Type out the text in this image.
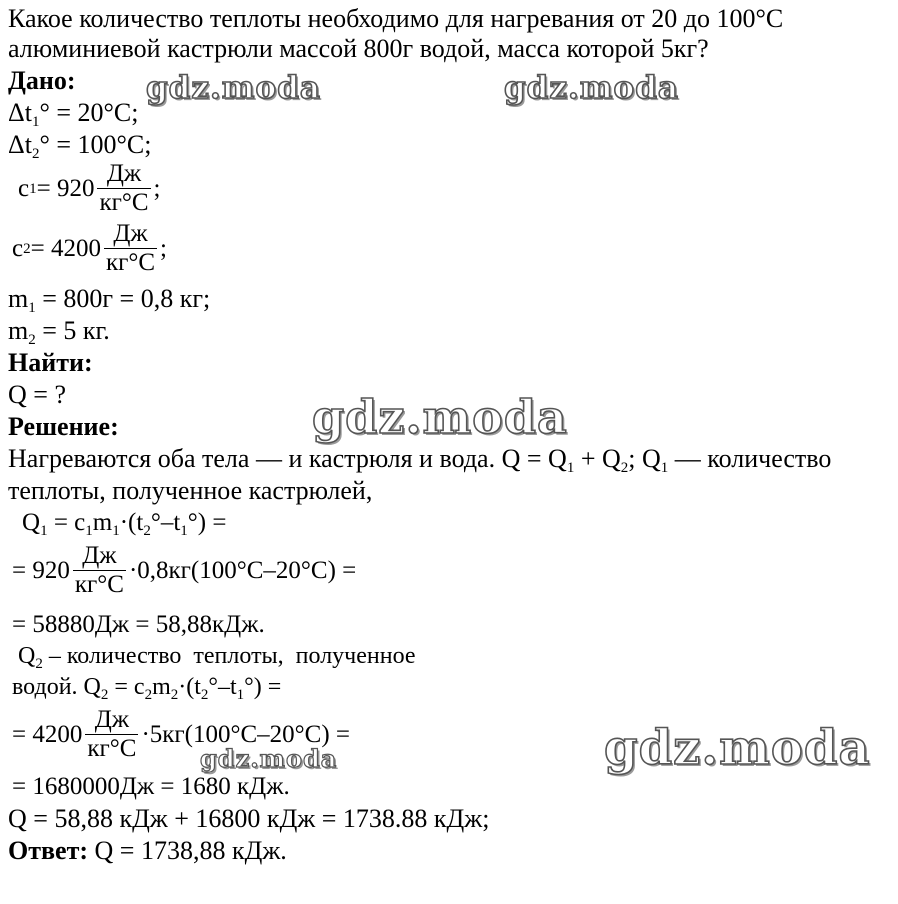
Какое количество теплоты необходимо для нагревания от 20 до 100°С
алюминиевой кастрюли массой 800г водой, масса которой 5кг?
Дано:
$\Delta t_1^\circ = 20^\circ C$;
$\Delta t_2^\circ = 100^\circ C$;
c $1 = 920 \frac{Дж}{кг^\circ С}$ ;
c $2 = 4200 \frac{Дж}{кг^\circ С}$ ;
$m_1 = 800г = 0,8$ кг;
$m_2 = 5$ кг.
Найти:
Q = ?
Решение:
Нагреваются оба тела — и кастрюля и вода. $Q = Q_1 + Q_2$; $Q_1$ — количество
теплоты, полученное кастрюлей,
$Q_1 = c_1m_1\cdot(t_2^\circ-t_1^\circ)$ =
= $920 \frac{Дж}{кг^\circ С} \cdot 0,8кг(100^\circ С-20^\circ С)$ =
= 58880Дж = 58,88кДж.
$Q_2$ – количество  теплоты,  полученное
водой. $Q_2 = c_2m_2\cdot(t_2^\circ-t_1^\circ)$ =
= $4200 \frac{Дж}{кг^\circ С} \cdot 5кг(100^\circ С-20^\circ С)$ =
= 1680000Дж = 1680 кДж.
Q = 58,88 кДж + 16800 кДж = 1738.88 кДж;
Ответ: Q = 1738,88 кДж.
gdz.moda	gdz.moda
gdz.moda
gdz.moda
gdz.moda
